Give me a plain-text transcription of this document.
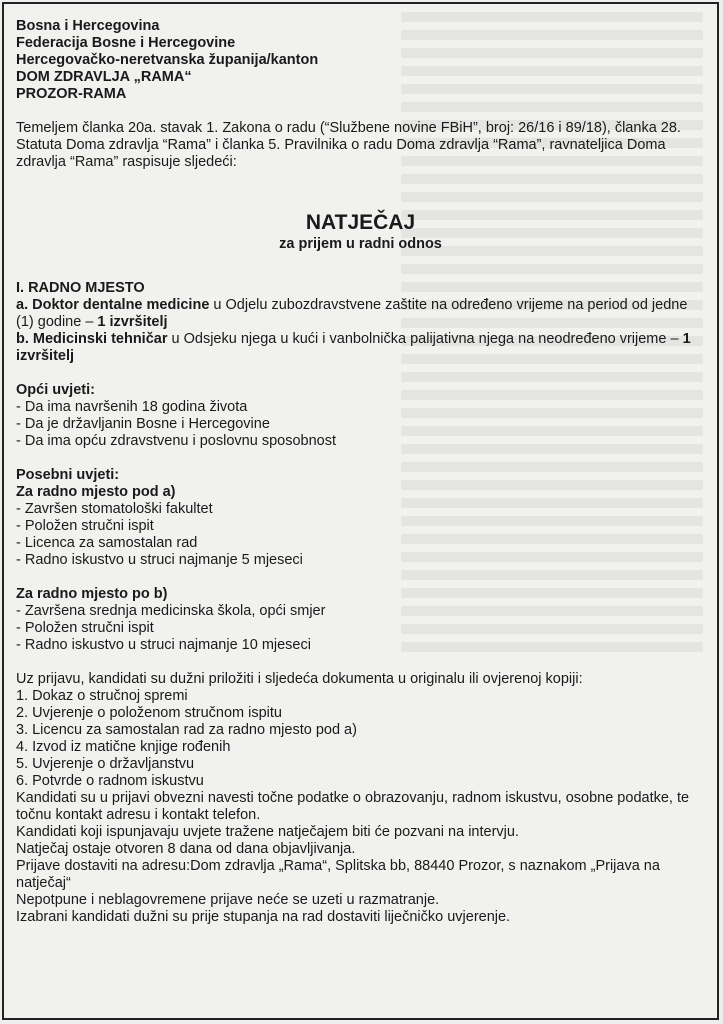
Bosna i Hercegovina
Federacija Bosne i Hercegovine
Hercegovačko-neretvanska županija/kanton
DOM ZDRAVLJA „RAMA“
PROZOR-RAMA

Temeljem članka 20a. stavak 1. Zakona o radu (“Službene novine FBiH”, broj: 26/16 i 89/18), članka 28. Statuta Doma zdravlja “Rama” i članka 5. Pravilnika o radu Doma zdravlja “Rama”, ravnateljica Doma zdravlja “Rama” raspisuje sljedeći:

NATJEČAJ
za prijem u radni odnos
I. RADNO MJESTO

a. Doktor dentalne medicine u Odjelu zubozdravstvene zaštite na određeno vrijeme na period od jedne (1) godine – 1 izvršitelj

b. Medicinski tehničar u Odsjeku njega u kući i vanbolnička palijativna njega na neodređeno vrijeme – 1 izvršitelj

Opći uvjeti:
- Da ima navršenih 18 godina života
- Da je državljanin Bosne i Hercegovine
- Da ima opću zdravstvenu i poslovnu sposobnost
Posebni uvjeti:
Za radno mjesto pod a)
- Završen stomatološki fakultet
- Položen stručni ispit
- Licenca za samostalan rad
- Radno iskustvo u struci najmanje 5 mjeseci
Za radno mjesto po b)
- Završena srednja medicinska škola, opći smjer
- Položen stručni ispit
- Radno iskustvo u struci najmanje 10 mjeseci
Uz prijavu, kandidati su dužni priložiti i sljedeća dokumenta u originalu ili ovjerenoj kopiji:
1. Dokaz o stručnoj spremi
2. Uvjerenje o položenom stručnom ispitu
3. Licencu za samostalan rad za radno mjesto pod a)
4. Izvod iz matične knjige rođenih
5. Uvjerenje o državljanstvu
6. Potvrde o radnom iskustvu
Kandidati su u prijavi obvezni navesti točne podatke o obrazovanju, radnom iskustvu, osobne podatke, te točnu kontakt adresu i kontakt telefon.
Kandidati koji ispunjavaju uvjete tražene natječajem biti će pozvani na intervju.
Natječaj ostaje otvoren 8 dana od dana objavljivanja.
Prijave dostaviti na adresu:Dom zdravlja „Rama“, Splitska bb, 88440 Prozor, s naznakom „Prijava na natječaj“
Nepotpune i neblagovremene prijave neće se uzeti u razmatranje.
Izabrani kandidati dužni su prije stupanja na rad dostaviti liječničko uvjerenje.
